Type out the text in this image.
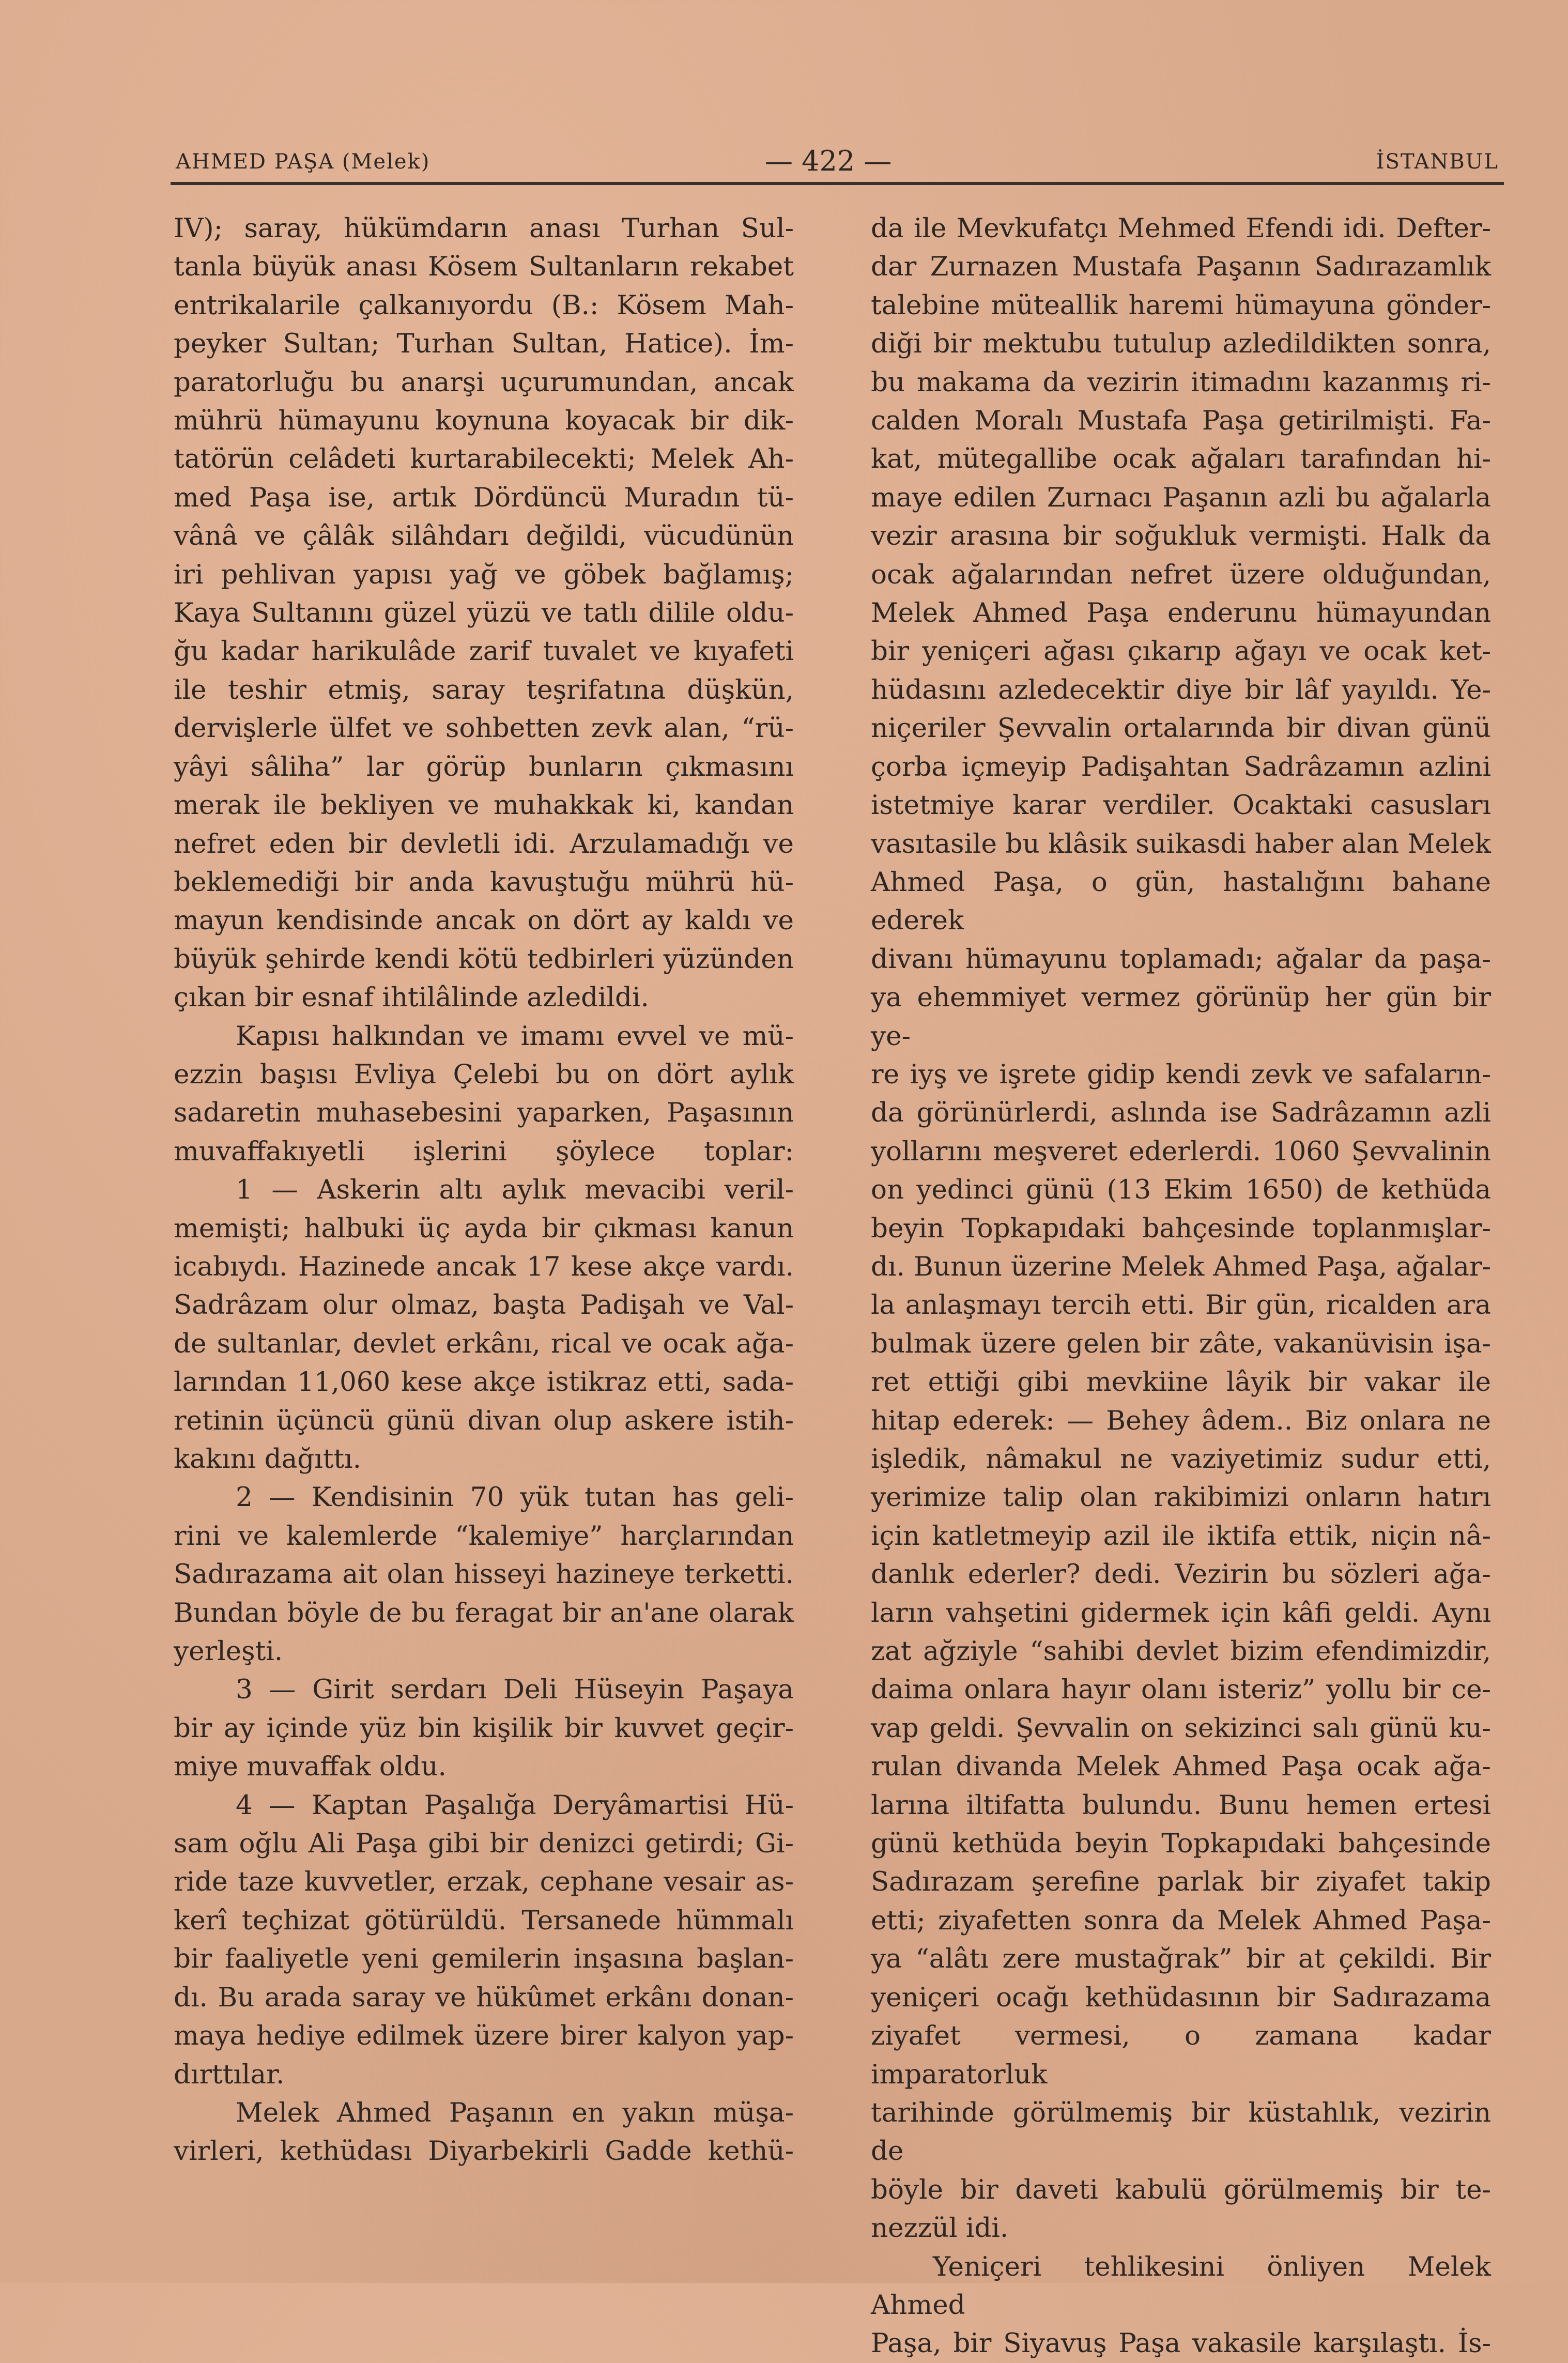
AHMED PAŞA (Melek)	— 422 —	İSTANBUL

IV); saray, hükümdarın anası Turhan Sul-

tanla büyük anası Kösem Sultanların rekabet

entrikalarile çalkanıyordu (B.: Kösem Mah-

peyker Sultan; Turhan Sultan, Hatice). İm-

paratorluğu bu anarşi uçurumundan, ancak

mührü hümayunu koynuna koyacak bir dik-

tatörün celâdeti kurtarabilecekti; Melek Ah-

med Paşa ise, artık Dördüncü Muradın tü-

vânâ ve çâlâk silâhdarı değildi, vücudünün

iri pehlivan yapısı yağ ve göbek bağlamış;

Kaya Sultanını güzel yüzü ve tatlı dilile oldu-

ğu kadar harikulâde zarif tuvalet ve kıyafeti

ile teshir etmiş, saray teşrifatına düşkün,

dervişlerle ülfet ve sohbetten zevk alan, “rü-

yâyi sâliha” lar görüp bunların çıkmasını

merak ile bekliyen ve muhakkak ki, kandan

nefret eden bir devletli idi. Arzulamadığı ve

beklemediği bir anda kavuştuğu mührü hü-

mayun kendisinde ancak on dört ay kaldı ve

büyük şehirde kendi kötü tedbirleri yüzünden

çıkan bir esnaf ihtilâlinde azledildi.

Kapısı halkından ve imamı evvel ve mü-

ezzin başısı Evliya Çelebi bu on dört aylık

sadaretin muhasebesini yaparken, Paşasının

muvaffakıyetli işlerini şöylece toplar:

1 — Askerin altı aylık mevacibi veril-

memişti; halbuki üç ayda bir çıkması kanun

icabıydı. Hazinede ancak 17 kese akçe vardı.

Sadrâzam olur olmaz, başta Padişah ve Val-

de sultanlar, devlet erkânı, rical ve ocak ağa-

larından 11,060 kese akçe istikraz etti, sada-

retinin üçüncü günü divan olup askere istih-

kakını dağıttı.

2 — Kendisinin 70 yük tutan has geli-

rini ve kalemlerde “kalemiye” harçlarından

Sadırazama ait olan hisseyi hazineye terketti.

Bundan böyle de bu feragat bir an'ane olarak

yerleşti.

3 — Girit serdarı Deli Hüseyin Paşaya

bir ay içinde yüz bin kişilik bir kuvvet geçir-

miye muvaffak oldu.

4 — Kaptan Paşalığa Deryâmartisi Hü-

sam oğlu Ali Paşa gibi bir denizci getirdi; Gi-

ride taze kuvvetler, erzak, cephane vesair as-

kerî teçhizat götürüldü. Tersanede hümmalı

bir faaliyetle yeni gemilerin inşasına başlan-

dı. Bu arada saray ve hükûmet erkânı donan-

maya hediye edilmek üzere birer kalyon yap-

dırttılar.

Melek Ahmed Paşanın en yakın müşa-

virleri, kethüdası Diyarbekirli Gadde kethü-

da ile Mevkufatçı Mehmed Efendi idi. Defter-

dar Zurnazen Mustafa Paşanın Sadırazamlık

talebine müteallik haremi hümayuna gönder-

diği bir mektubu tutulup azledildikten sonra,

bu makama da vezirin itimadını kazanmış ri-

calden Moralı Mustafa Paşa getirilmişti. Fa-

kat, mütegallibe ocak ağaları tarafından hi-

maye edilen Zurnacı Paşanın azli bu ağalarla

vezir arasına bir soğukluk vermişti. Halk da

ocak ağalarından nefret üzere olduğundan,

Melek Ahmed Paşa enderunu hümayundan

bir yeniçeri ağası çıkarıp ağayı ve ocak ket-

hüdasını azledecektir diye bir lâf yayıldı. Ye-

niçeriler Şevvalin ortalarında bir divan günü

çorba içmeyip Padişahtan Sadrâzamın azlini

istetmiye karar verdiler. Ocaktaki casusları

vasıtasile bu klâsik suikasdi haber alan Melek

Ahmed Paşa, o gün, hastalığını bahane ederek

divanı hümayunu toplamadı; ağalar da paşa-

ya ehemmiyet vermez görünüp her gün bir ye-

re iyş ve işrete gidip kendi zevk ve safaların-

da görünürlerdi, aslında ise Sadrâzamın azli

yollarını meşveret ederlerdi. 1060 Şevvalinin

on yedinci günü (13 Ekim 1650) de kethüda

beyin Topkapıdaki bahçesinde toplanmışlar-

dı. Bunun üzerine Melek Ahmed Paşa, ağalar-

la anlaşmayı tercih etti. Bir gün, ricalden ara

bulmak üzere gelen bir zâte, vakanüvisin işa-

ret ettiği gibi mevkiine lâyik bir vakar ile

hitap ederek: — Behey âdem.. Biz onlara ne

işledik, nâmakul ne vaziyetimiz sudur etti,

yerimize talip olan rakibimizi onların hatırı

için katletmeyip azil ile iktifa ettik, niçin nâ-

danlık ederler? dedi. Vezirin bu sözleri ağa-

ların vahşetini gidermek için kâfi geldi. Aynı

zat ağziyle “sahibi devlet bizim efendimizdir,

daima onlara hayır olanı isteriz” yollu bir ce-

vap geldi. Şevvalin on sekizinci salı günü ku-

rulan divanda Melek Ahmed Paşa ocak ağa-

larına iltifatta bulundu. Bunu hemen ertesi

günü kethüda beyin Topkapıdaki bahçesinde

Sadırazam şerefine parlak bir ziyafet takip

etti; ziyafetten sonra da Melek Ahmed Paşa-

ya “alâtı zere mustağrak” bir at çekildi. Bir

yeniçeri ocağı kethüdasının bir Sadırazama

ziyafet vermesi, o zamana kadar imparatorluk

tarihinde görülmemiş bir küstahlık, vezirin de

böyle bir daveti kabulü görülmemiş bir te-

nezzül idi.

Yeniçeri tehlikesini önliyen Melek Ahmed

Paşa, bir Siyavuş Paşa vakasile karşılaştı. İs-
